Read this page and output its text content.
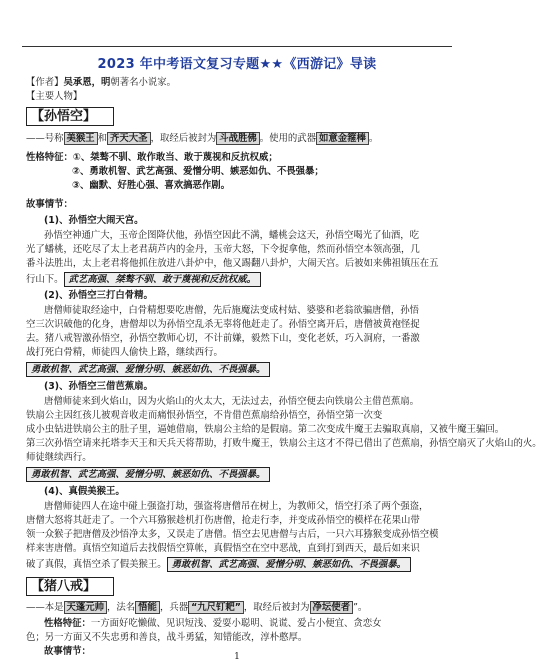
2023 年中考语文复习专题★★《西游记》导读
【作者】吴承恩，明朝著名小说家。
【主要人物】
【孙悟空】
——号称 美猴王 和 齐天大圣 ，取经后被封为 斗战胜佛 。使用的武器 如意金箍棒 。
性格特征：①、桀骜不驯、敢作敢当、敢于蔑视和反抗权威；
②、勇敢机智、武艺高强、爱憎分明、嫉恶如仇、不畏强暴；
③、幽默、好胜心强、喜欢搞恶作剧。
故事情节：
(1)、孙悟空大闹天宫。
孙悟空神通广大，玉帝企图降伏他，孙悟空因此不满，蟠桃会这天，孙悟空喝光了仙酒，吃
光了蟠桃，还吃尽了太上老君葫芦内的金丹，玉帝大怒，下令捉拿他，然而孙悟空本领高强，几
番斗法胜出，太上老君将他抓住放进八卦炉中，他又踢翻八卦炉，大闹天宫。后被如来佛祖镇压在五
行山下。 武艺高强、桀骜不驯、敢于蔑视和反抗权威。
(2)、孙悟空三打白骨精。
唐僧师徒取经途中，白骨精想要吃唐僧，先后施魔法变成村姑、婆婆和老翁欲骗唐僧，孙悟
空三次识破他的化身，唐僧却以为孙悟空乱杀无辜将他赶走了。孙悟空离开后，唐僧被黄袍怪捉
去。猪八戒智激孙悟空，孙悟空教师心切，不计前嫌，毅然下山，变化老妖，巧入洞府，一番激
战打死白骨精，师徒四人偷快上路，继续西行。
勇敢机智、武艺高强、爱憎分明、嫉恶如仇、不畏强暴。
(3)、孙悟空三借芭蕉扇。
唐僧师徒来到火焰山，因为火焰山的火太大，无法过去，孙悟空便去向铁扇公主借芭蕉扇。
铁扇公主因红孩儿被观音收走而痛恨孙悟空，不肯借芭蕉扇给孙悟空，孙悟空第一次变
成小虫钻进铁扇公主的肚子里，逼她借扇，铁扇公主给的是假扇。第二次变成牛魔王去骗取真扇，又被牛魔王骗回。
第三次孙悟空请来托塔李天王和天兵天将帮助，打败牛魔王，铁扇公主这才不得已借出了芭蕉扇，孙悟空扇灭了火焰山的火。
师徒继续西行。
勇敢机智、武艺高强、爱憎分明、嫉恶如仇、不畏强暴。
(4)、真假美猴王。
唐僧师徒四人在途中碰上强盗打劫，强盗将唐僧吊在树上，为教师父，悟空打杀了两个强盗，
唐僧大怒将其赶走了。一个六耳猕猴趁机打伤唐僧，抢走行李，并变成孙悟空的模样在花果山带
领一众猴子把唐僧及沙悟净太多，又误走了唐僧。悟空去见唐僧与古后，一只六耳猕猴变成孙悟空模
样来害唐僧。真悟空知道后去找假悟空算帐，真假悟空在空中恶战，直到打到西天，最后如来识
破了真假，真悟空杀了假美猴王。 勇敢机智、武艺高强、爱憎分明、嫉恶如仇、不畏强暴。
【猪八戒】
——本是 天蓬元帅 ，法名 悟能 ，兵器 “九尺钉耙” ，取经后被封为 净坛使者 ”。
性格特征：一方面好吃懒做、见识短浅、爱耍小聪明、说谎、爱占小便宜、贪恋女
色；另一方面又不失忠勇和善良，战斗勇猛，知错能改，淳朴憨厚。
故事情节：	1
